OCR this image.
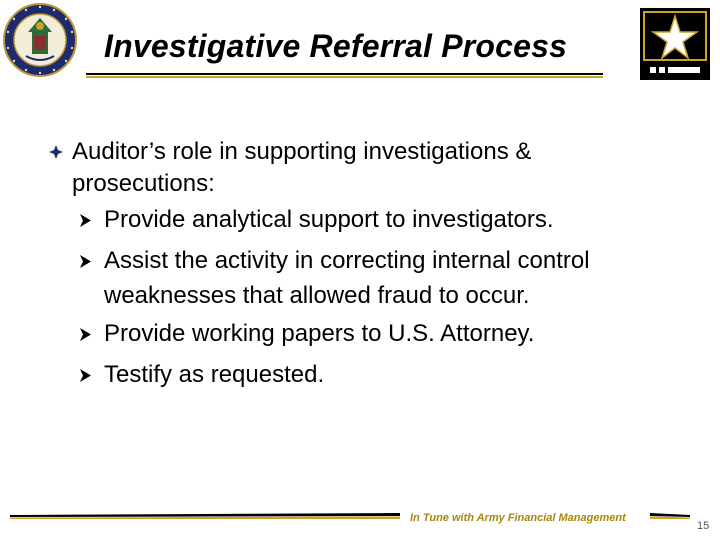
Investigative Referral Process
Auditor’s role in supporting investigations &
prosecutions:
Provide analytical support to investigators.
Assist the activity in correcting internal control
weaknesses that allowed fraud to occur.
Provide working papers to U.S. Attorney.
Testify as requested.
In Tune with Army Financial Management
15
